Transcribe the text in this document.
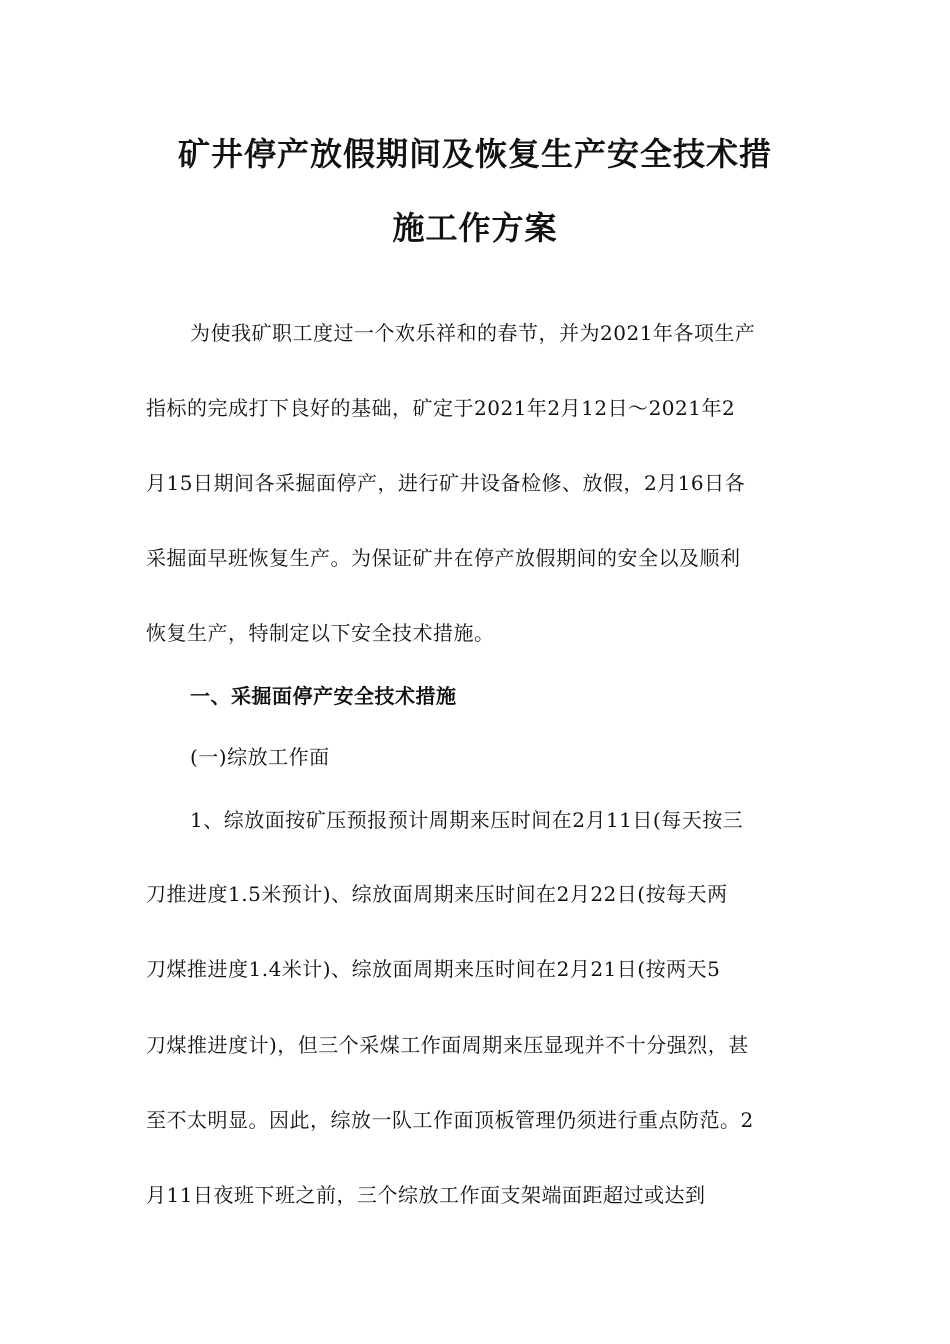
矿井停产放假期间及恢复生产安全技术措
施工作方案

为使我矿职工度过一个欢乐祥和的春节，并为2021年各项生产

指标的完成打下良好的基础，矿定于2021年2月12日～2021年2

月15日期间各采掘面停产，进行矿井设备检修、放假，2月16日各

采掘面早班恢复生产。为保证矿井在停产放假期间的安全以及顺利

恢复生产，特制定以下安全技术措施。

一、采掘面停产安全技术措施

(一)综放工作面

1、综放面按矿压预报预计周期来压时间在2月11日(每天按三

刀推进度1.5米预计)、综放面周期来压时间在2月22日(按每天两

刀煤推进度1.4米计)、综放面周期来压时间在2月21日(按两天5

刀煤推进度计)，但三个采煤工作面周期来压显现并不十分强烈，甚

至不太明显。因此，综放一队工作面顶板管理仍须进行重点防范。2

月11日夜班下班之前，三个综放工作面支架端面距超过或达到
